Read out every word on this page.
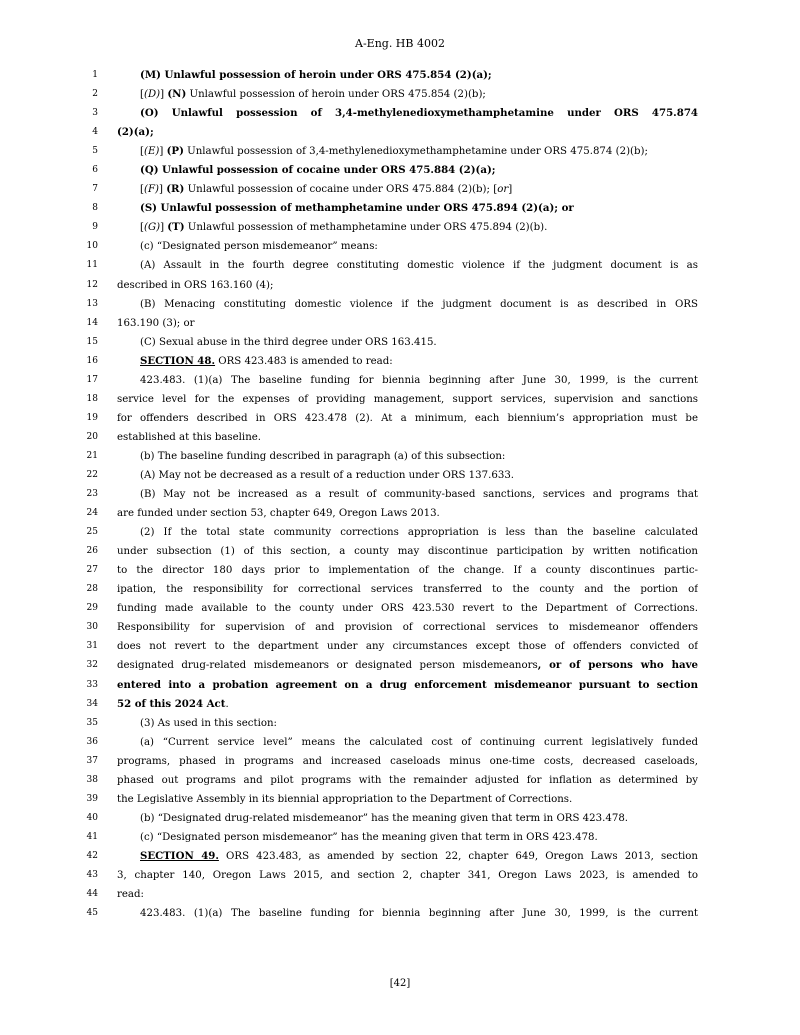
A-Eng. HB 4002
1	(M) Unlawful possession of heroin under ORS 475.854 (2)(a);
2	[(D)] (N) Unlawful possession of heroin under ORS 475.854 (2)(b);
3	(O) Unlawful possession of 3,4-methylenedioxymethamphetamine under ORS 475.874
4 (2)(a);
5	[(E)] (P) Unlawful possession of 3,4-methylenedioxymethamphetamine under ORS 475.874 (2)(b);
6	(Q) Unlawful possession of cocaine under ORS 475.884 (2)(a);
7	[(F)] (R) Unlawful possession of cocaine under ORS 475.884 (2)(b); [or]
8	(S) Unlawful possession of methamphetamine under ORS 475.894 (2)(a); or
9	[(G)] (T) Unlawful possession of methamphetamine under ORS 475.894 (2)(b).
10	(c) “Designated person misdemeanor” means:
11	(A) Assault in the fourth degree constituting domestic violence if the judgment document is as
12 described in ORS 163.160 (4);
13	(B) Menacing constituting domestic violence if the judgment document is as described in ORS
14 163.190 (3); or
15	(C) Sexual abuse in the third degree under ORS 163.415.
16	SECTION 48. ORS 423.483 is amended to read:
17	423.483. (1)(a) The baseline funding for biennia beginning after June 30, 1999, is the current
18 service level for the expenses of providing management, support services, supervision and sanctions
19 for offenders described in ORS 423.478 (2). At a minimum, each biennium’s appropriation must be
20 established at this baseline.
21	(b) The baseline funding described in paragraph (a) of this subsection:
22	(A) May not be decreased as a result of a reduction under ORS 137.633.
23	(B) May not be increased as a result of community-based sanctions, services and programs that
24 are funded under section 53, chapter 649, Oregon Laws 2013.
25	(2) If the total state community corrections appropriation is less than the baseline calculated
26 under subsection (1) of this section, a county may discontinue participation by written notification
27 to the director 180 days prior to implementation of the change. If a county discontinues partic-
28 ipation, the responsibility for correctional services transferred to the county and the portion of
29 funding made available to the county under ORS 423.530 revert to the Department of Corrections.
30 Responsibility for supervision of and provision of correctional services to misdemeanor offenders
31 does not revert to the department under any circumstances except those of offenders convicted of
32 designated drug-related misdemeanors or designated person misdemeanors, or of persons who have
33 entered into a probation agreement on a drug enforcement misdemeanor pursuant to section
34 52 of this 2024 Act.
35	(3) As used in this section:
36	(a) “Current service level” means the calculated cost of continuing current legislatively funded
37 programs, phased in programs and increased caseloads minus one-time costs, decreased caseloads,
38 phased out programs and pilot programs with the remainder adjusted for inflation as determined by
39 the Legislative Assembly in its biennial appropriation to the Department of Corrections.
40	(b) “Designated drug-related misdemeanor” has the meaning given that term in ORS 423.478.
41	(c) “Designated person misdemeanor” has the meaning given that term in ORS 423.478.
42	SECTION 49. ORS 423.483, as amended by section 22, chapter 649, Oregon Laws 2013, section
43 3, chapter 140, Oregon Laws 2015, and section 2, chapter 341, Oregon Laws 2023, is amended to
44 read:
45	423.483. (1)(a) The baseline funding for biennia beginning after June 30, 1999, is the current
[42]
